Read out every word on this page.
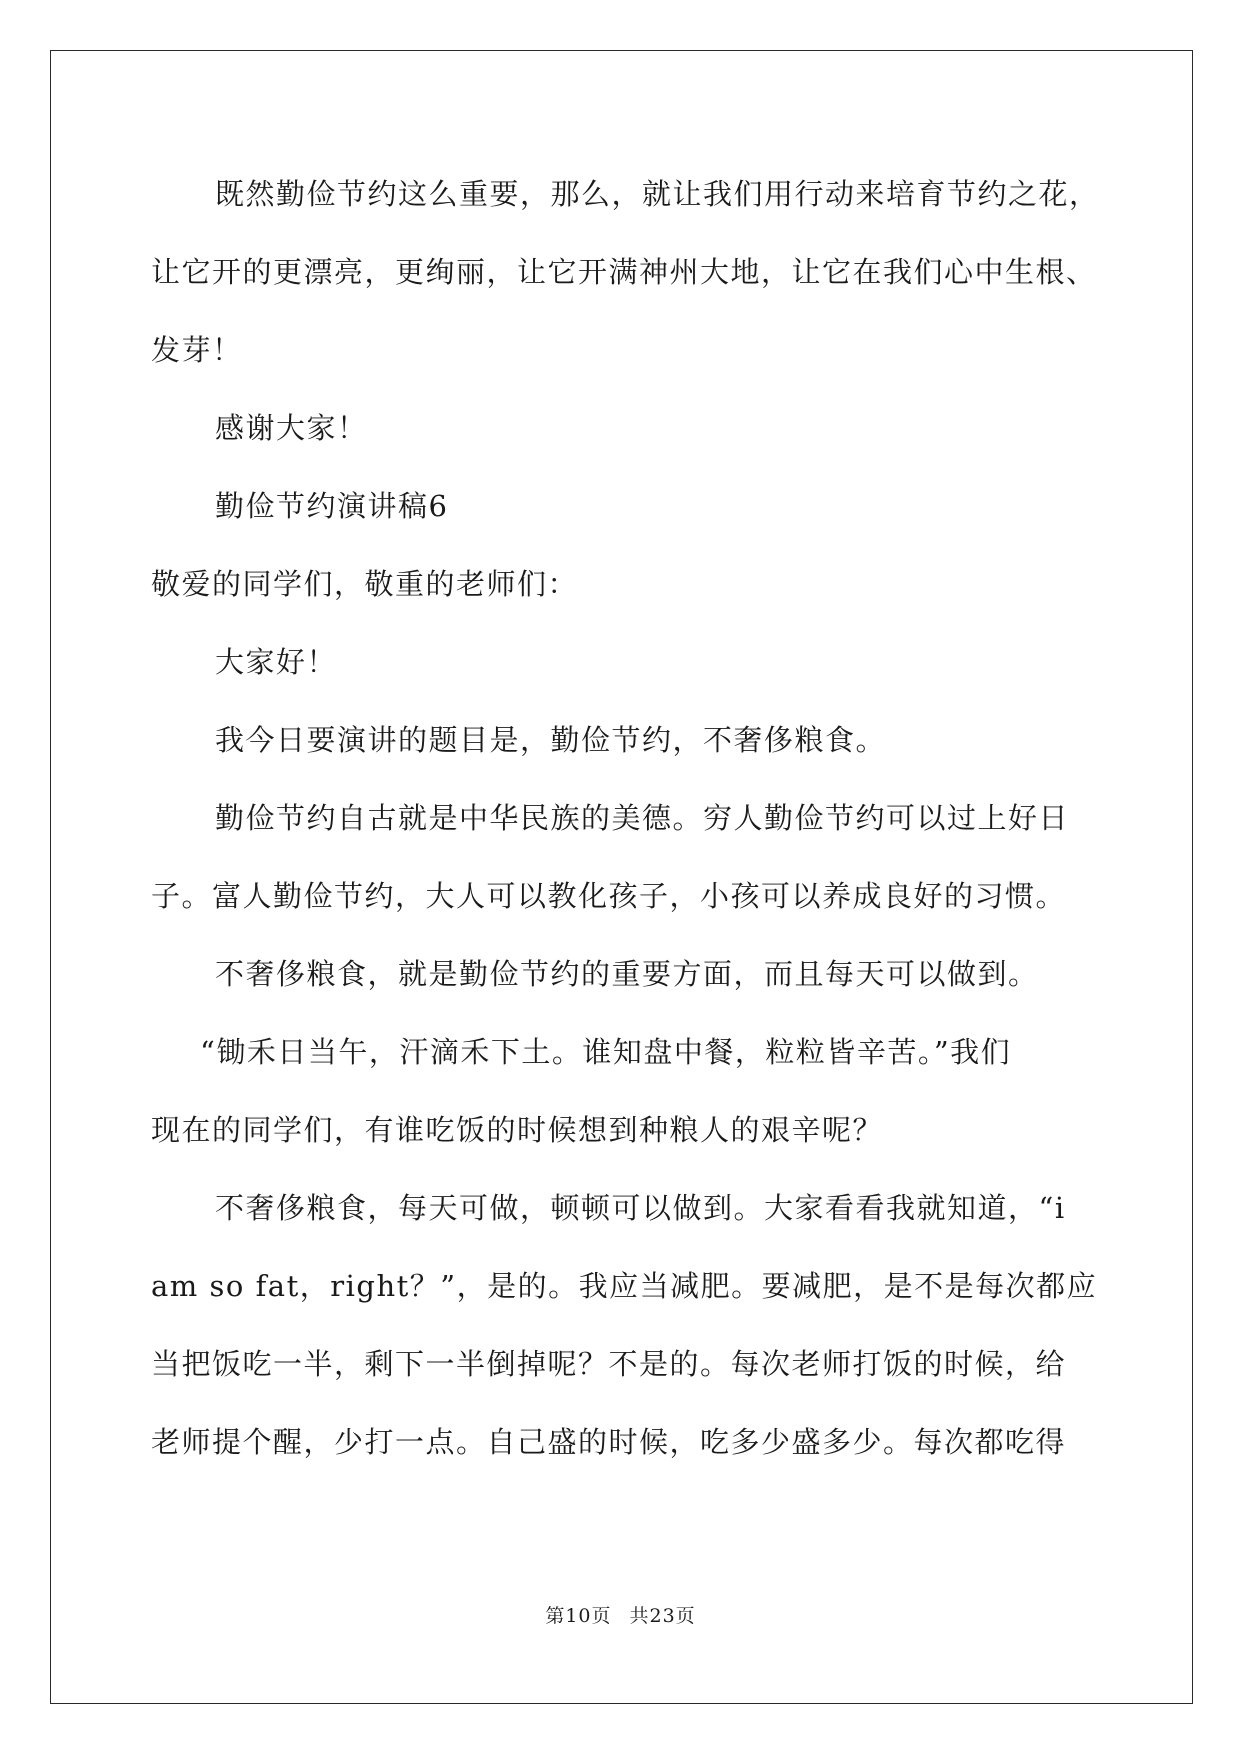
既然勤俭节约这么重要，那么，就让我们用行动来培育节约之花，
让它开的更漂亮，更绚丽，让它开满神州大地，让它在我们心中生根、
发芽！
感谢大家！
勤俭节约演讲稿6
敬爱的同学们，敬重的老师们：
大家好！
我今日要演讲的题目是，勤俭节约，不奢侈粮食。
勤俭节约自古就是中华民族的美德。穷人勤俭节约可以过上好日
子。富人勤俭节约，大人可以教化孩子，小孩可以养成良好的习惯。
不奢侈粮食，就是勤俭节约的重要方面，而且每天可以做到。
“锄禾日当午，汗滴禾下土。谁知盘中餐，粒粒皆辛苦。”我们
现在的同学们，有谁吃饭的时候想到种粮人的艰辛呢？
不奢侈粮食，每天可做，顿顿可以做到。大家看看我就知道，“i
am so fat，right？”，是的。我应当减肥。要减肥，是不是每次都应
当把饭吃一半，剩下一半倒掉呢？不是的。每次老师打饭的时候，给
老师提个醒，少打一点。自己盛的时候，吃多少盛多少。每次都吃得
第10页 共23页
